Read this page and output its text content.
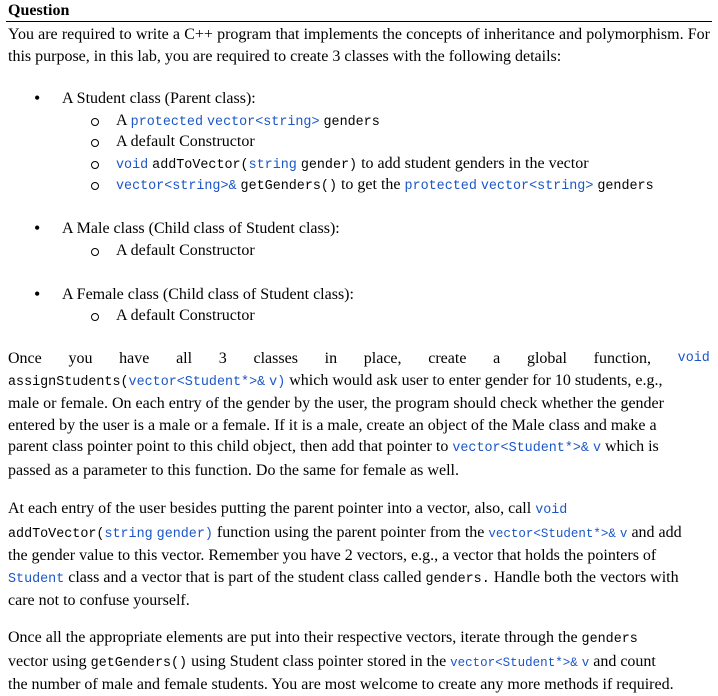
Question
You are required to write a C++ program that implements the concepts of inheritance and polymorphism. For this purpose, in this lab, you are required to create 3 classes with the following details:
• A Student class (Parent class):
A protected vector<string> genders
A default Constructor
void addToVector(string gender) to add student genders in the vector
vector<string>& getGenders() to get the protected vector<string> genders
• A Male class (Child class of Student class):
A default Constructor
• A Female class (Child class of Student class):
A default Constructor
Once you have all 3 classes in place, create a global function, void
assignStudents(vector<Student*>& v) which would ask user to enter gender for 10 students, e.g.,
male or female. On each entry of the gender by the user, the program should check whether the gender
entered by the user is a male or a female. If it is a male, create an object of the Male class and make a
parent class pointer point to this child object, then add that pointer to vector<Student*>& v which is
passed as a parameter to this function. Do the same for female as well.
At each entry of the user besides putting the parent pointer into a vector, also, call void
addToVector(string gender) function using the parent pointer from the vector<Student*>& v and add
the gender value to this vector. Remember you have 2 vectors, e.g., a vector that holds the pointers of
Student class and a vector that is part of the student class called genders. Handle both the vectors with
care not to confuse yourself.
Once all the appropriate elements are put into their respective vectors, iterate through the genders
vector using getGenders() using Student class pointer stored in the vector<Student*>& v and count
the number of male and female students. You are most welcome to create any more methods if required.
